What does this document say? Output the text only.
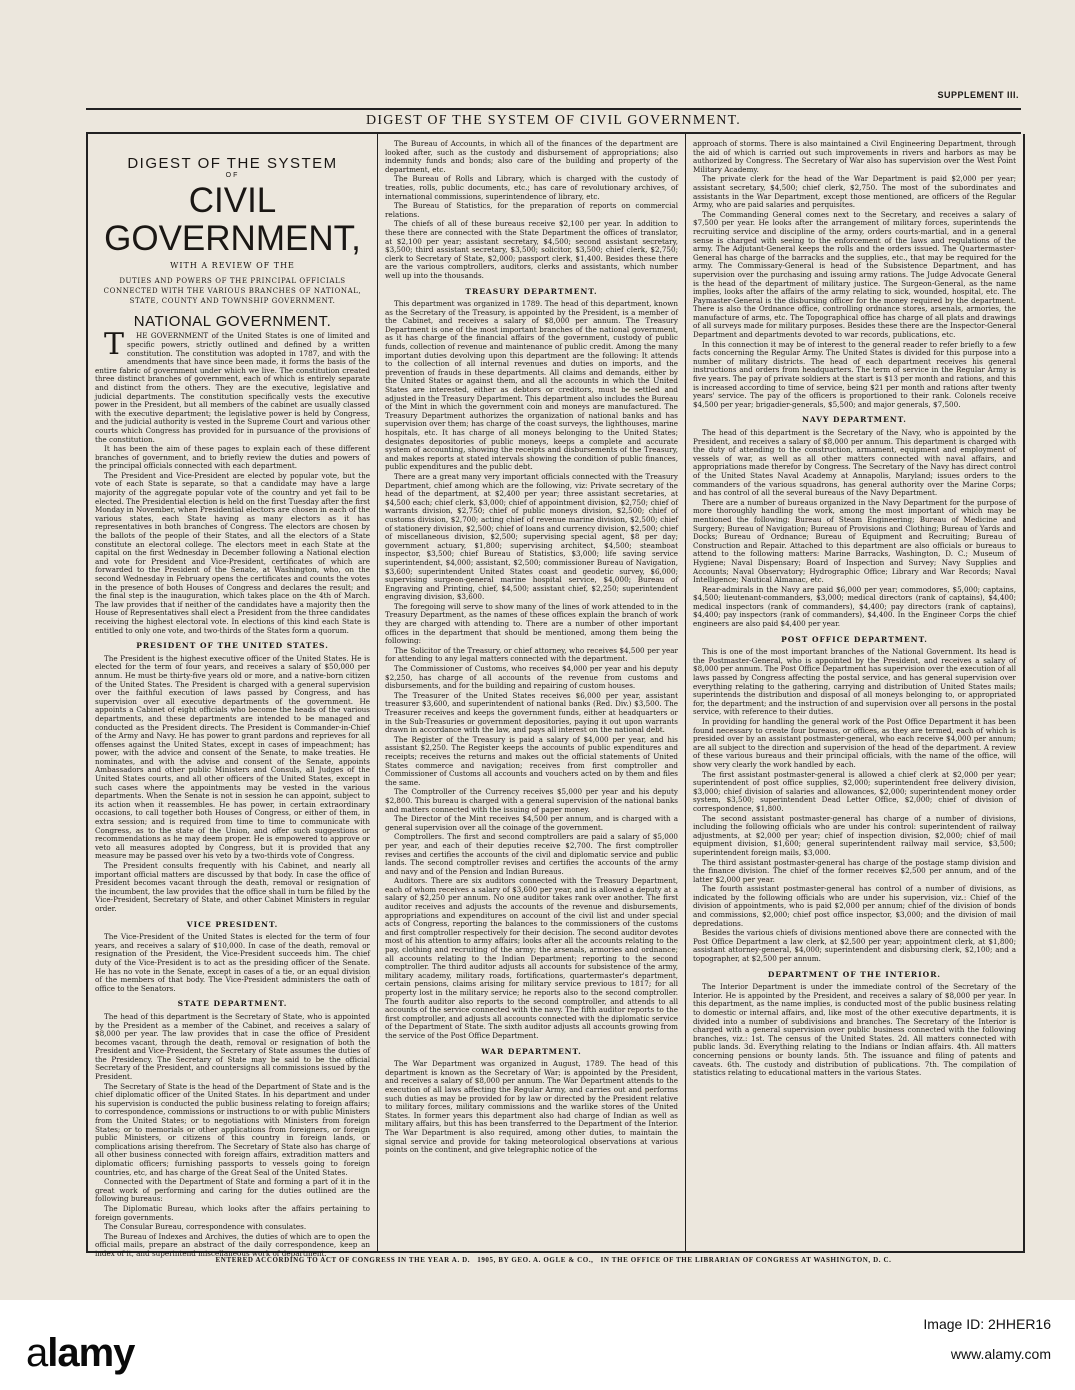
SUPPLEMENT III.
DIGEST OF THE SYSTEM OF CIVIL GOVERNMENT.
DIGEST OF THE SYSTEM
OF
CIVIL GOVERNMENT,
WITH A REVIEW OF THE
DUTIES AND POWERS OF THE PRINCIPAL OFFICIALS CONNECTED WITH THE VARIOUS BRANCHES OF NATIONAL, STATE, COUNTY AND TOWNSHIP GOVERNMENT.
NATIONAL GOVERNMENT.

THE GOVERNMENT of the United States is one of limited and specific powers, strictly outlined and defined by a written constitution. The constitution was adopted in 1787, and with the amendments that have since been made, it forms the basis of the entire fabric of government under which we live. The constitution created three distinct branches of government, each of which is entirely separate and distinct from the others. They are the executive, legislative and judicial departments. The constitution specifically vests the executive power in the President, but all members of the cabinet are usually classed with the executive department; the legislative power is held by Congress, and the judicial authority is vested in the Supreme Court and various other courts which Congress has provided for in pursuance of the provisions of the constitution.

It has been the aim of these pages to explain each of these different branches of government, and to briefly review the duties and powers of the principal officials connected with each department.

The President and Vice-President are elected by popular vote, but the vote of each State is separate, so that a candidate may have a large majority of the aggregate popular vote of the country and yet fail to be elected. The Presidential election is held on the first Tuesday after the first Monday in November, when Presidential electors are chosen in each of the various states, each State having as many electors as it has representatives in both branches of Congress. The electors are chosen by the ballots of the people of their States, and all the electors of a State constitute an electoral college. The electors meet in each State at the capital on the first Wednesday in December following a National election and vote for President and Vice-President, certificates of which are forwarded to the President of the Senate, at Washington, who, on the second Wednesday in February opens the certificates and counts the votes in the presence of both Houses of Congress and declares the result; and the final step is the inauguration, which takes place on the 4th of March. The law provides that if neither of the candidates have a majority then the House of Representatives shall elect a President from the three candidates receiving the highest electoral vote. In elections of this kind each State is entitled to only one vote, and two-thirds of the States form a quorum.

PRESIDENT OF THE UNITED STATES.

The President is the highest executive officer of the United States. He is elected for the term of four years, and receives a salary of $50,000 per annum. He must be thirty-five years old or more, and a native-born citizen of the United States. The President is charged with a general supervision over the faithful execution of laws passed by Congress, and has supervision over all executive departments of the government. He appoints a Cabinet of eight officials who become the heads of the various departments, and these departments are intended to be managed and conducted as the President directs. The President is Commander-in-Chief of the Army and Navy. He has power to grant pardons and reprieves for all offenses against the United States, except in cases of impeachment; has power, with the advice and consent of the Senate, to make treaties. He nominates, and with the advise and consent of the Senate, appoints Ambassadors and other public Ministers and Consuls, all Judges of the United States courts, and all other officers of the United States, except in such cases where the appointments may be vested in the various departments. When the Senate is not in session he can appoint, subject to its action when it reassembles. He has power, in certain extraordinary occasions, to call together both Houses of Congress, or either of them, in extra session; and is required from time to time to communicate with Congress, as to the state of the Union, and offer such suggestions or recommendations as he may deem proper. He is empowered to approve or veto all measures adopted by Congress, but it is provided that any measure may be passed over his veto by a two-thirds vote of Congress.

The President consults frequently with his Cabinet, and nearly all important official matters are discussed by that body. In case the office of President becomes vacant through the death, removal or resignation of the incumbent, the law provides that the office shall in turn be filled by the Vice-President, Secretary of State, and other Cabinet Ministers in regular order.

VICE PRESIDENT.

The Vice-President of the United States is elected for the term of four years, and receives a salary of $10,000. In case of the death, removal or resignation of the President, the Vice-President succeeds him. The chief duty of the Vice-President is to act as the presiding officer of the Senate. He has no vote in the Senate, except in cases of a tie, or an equal division of the members of that body. The Vice-President administers the oath of office to the Senators.

STATE DEPARTMENT.

The head of this department is the Secretary of State, who is appointed by the President as a member of the Cabinet, and receives a salary of $8,000 per year. The law provides that in case the office of President becomes vacant, through the death, removal or resignation of both the President and Vice-President, the Secretary of State assumes the duties of the Presidency. The Secretary of State may be said to be the official Secretary of the President, and countersigns all commissions issued by the President.

The Secretary of State is the head of the Department of State and is the chief diplomatic officer of the United States. In his department and under his supervision is conducted the public business relating to foreign affairs; to correspondence, commissions or instructions to or with public Ministers from the United States; or to negotiations with Ministers from foreign States; or to memorials or other applications from foreigners, or foreign public Ministers, or citizens of this country in foreign lands, or complications arising therefrom. The Secretary of State also has charge of all other business connected with foreign affairs, extradition matters and diplomatic officers; furnishing passports to vessels going to foreign countries, etc, and has charge of the Great Seal of the United States.

Connected with the Department of State and forming a part of it in the great work of performing and caring for the duties outlined are the following bureaus:

The Diplomatic Bureau, which looks after the affairs pertaining to foreign governments.

The Consular Bureau, correspondence with consulates.

The Bureau of Indexes and Archives, the duties of which are to open the official mails, prepare an abstract of the daily correspondence, keep an index of it, and superintend miscellaneous work of department.

The Bureau of Accounts, in which all of the finances of the department are looked after, such as the custody and disbursement of appropriations; also indemnity funds and bonds; also care of the building and property of the department, etc.

The Bureau of Rolls and Library, which is charged with the custody of treaties, rolls, public documents, etc.; has care of revolutionary archives, of international commissions, superintendence of library, etc.

The Bureau of Statistics, for the preparation of reports on commercial relations.

The chiefs of all of these bureaus receive $2,100 per year. In addition to these there are connected with the State Department the offices of translator, at $2,100 per year; assistant secretary, $4,500; second assistant secretary, $3,500; third assistant secretary, $3,500; solicitor, $3,500; chief clerk, $2,750; clerk to Secretary of State, $2,000; passport clerk, $1,400. Besides these there are the various comptrollers, auditors, clerks and assistants, which number well up into the thousands.

TREASURY DEPARTMENT.

This department was organized in 1789. The head of this department, known as the Secretary of the Treasury, is appointed by the President, is a member of the Cabinet, and receives a salary of $8,000 per annum. The Treasury Department is one of the most important branches of the national government, as it has charge of the financial affairs of the government, custody of public funds, collection of revenue and maintenance of public credit. Among the many important duties devolving upon this department are the following: It attends to the collection of all internal revenues and duties on imports, and the prevention of frauds in these departments. All claims and demands, either by the United States or against them, and all the accounts in which the United States are interested, either as debtors or creditors, must be settled and adjusted in the Treasury Department. This department also includes the Bureau of the Mint in which the government coin and moneys are manufactured. The Treasury Department authorizes the organization of national banks and has supervision over them; has charge of the coast surveys, the lighthouses, marine hospitals, etc. It has charge of all moneys belonging to the United States; designates depositories of public moneys, keeps a complete and accurate system of accounting, showing the receipts and disbursements of the Treasury, and makes reports at stated intervals showing the condition of public finances, public expenditures and the public debt.

There are a great many very important officials connected with the Treasury Department, chief among which are the following, viz: Private secretary of the head of the department, at $2,400 per year; three assistant secretaries, at $4,500 each; chief clerk, $3,000; chief of appointment division, $2,750; chief of warrants division, $2,750; chief of public moneys division, $2,500; chief of customs division, $2,700; acting chief of revenue marine division, $2,500; chief of stationery division, $2,500; chief of loans and currency division, $2,500; chief of miscellaneous division, $2,500; supervising special agent, $8 per day; government actuary, $1,800; supervising architect, $4,500; steamboat inspector, $3,500; chief Bureau of Statistics, $3,000; life saving service superintendent, $4,000; assistant, $2,500; commissioner Bureau of Navigation, $3,600; superintendent United States coast and geodetic survey, $6,000; supervising surgeon-general marine hospital service, $4,000; Bureau of Engraving and Printing, chief, $4,500; assistant chief, $2,250; superintendent engraving division, $3,600.

The foregoing will serve to show many of the lines of work attended to in the Treasury Department, as the names of these offices explain the branch of work they are charged with attending to. There are a number of other important offices in the department that should be mentioned, among them being the following:

The Solicitor of the Treasury, or chief attorney, who receives $4,500 per year for attending to any legal matters connected with the department.

The Commissioner of Customs, who receives $4,000 per year and his deputy $2,250, has charge of all accounts of the revenue from customs and disbursements, and for the building and repairing of custom houses.

The Treasurer of the United States receives $6,000 per year, assistant treasurer $3,600, and superintendent of national banks (Red. Div.) $3,500. The Treasurer receives and keeps the government funds, either at headquarters or in the Sub-Treasuries or government depositories, paying it out upon warrants drawn in accordance with the law, and pays all interest on the national debt.

The Register of the Treasury is paid a salary of $4,000 per year, and his assistant $2,250. The Register keeps the accounts of public expenditures and receipts; receives the returns and makes out the official statements of United States commerce and navigation; receives from first comptroller and Commissioner of Customs all accounts and vouchers acted on by them and files the same.

The Comptroller of the Currency receives $5,000 per year and his deputy $2,800. This bureau is charged with a general supervision of the national banks and matters connected with the issuing of paper money.

The Director of the Mint receives $4,500 per annum, and is charged with a general supervision over all the coinage of the government.

Comptrollers. The first and second comptrollers are paid a salary of $5,000 per year, and each of their deputies receive $2,700. The first comptroller revises and certifies the accounts of the civil and diplomatic service and public lands. The second comptroller revises and certifies the accounts of the army and navy and of the Pension and Indian Bureaus.

Auditors. There are six auditors connected with the Treasury Department, each of whom receives a salary of $3,600 per year, and is allowed a deputy at a salary of $2,250 per annum. No one auditor takes rank over another. The first auditor receives and adjusts the accounts of the revenue and disbursements, appropriations and expenditures on account of the civil list and under special acts of Congress, reporting the balances to the commissioners of the customs and first comptroller respectively for their decision. The second auditor devotes most of his attention to army affairs; looks after all the accounts relating to the pay, clothing and recruiting of the army; the arsenals, armories and ordnance; all accounts relating to the Indian Department; reporting to the second comptroller. The third auditor adjusts all accounts for subsistence of the army, military academy, military roads, fortifications, quartermaster's department, certain pensions, claims arising for military service previous to 1817; for all property lost in the military service; he reports also to the second comptroller. The fourth auditor also reports to the second comptroller, and attends to all accounts of the service connected with the navy. The fifth auditor reports to the first comptroller, and adjusts all accounts connected with the diplomatic service of the Department of State. The sixth auditor adjusts all accounts growing from the service of the Post Office Department.

WAR DEPARTMENT.

The War Department was organized in August, 1789. The head of this department is known as the Secretary of War; is appointed by the President, and receives a salary of $8,000 per annum. The War Department attends to the execution of all laws affecting the Regular Army, and carries out and performs such duties as may be provided for by law or directed by the President relative to military forces, military commissions and the warlike stores of the United States. In former years this department also had charge of Indian as well as military affairs, but this has been transferred to the Department of the Interior. The War Department is also required, among other duties, to maintain the signal service and provide for taking meteorological observations at various points on the continent, and give telegraphic notice of the

approach of storms. There is also maintained a Civil Engineering Department, through the aid of which is carried out such improvements in rivers and harbors as may be authorized by Congress. The Secretary of War also has supervision over the West Point Military Academy.

The private clerk for the head of the War Department is paid $2,000 per year; assistant secretary, $4,500; chief clerk, $2,750. The most of the subordinates and assistants in the War Department, except those mentioned, are officers of the Regular Army, who are paid salaries and perquisites.

The Commanding General comes next to the Secretary, and receives a salary of $7,500 per year. He looks after the arrangement of military forces, superintends the recruiting service and discipline of the army, orders courts-martial, and in a general sense is charged with seeing to the enforcement of the laws and regulations of the army. The Adjutant-General keeps the rolls and the orders issued. The Quartermaster-General has charge of the barracks and the supplies, etc., that may be required for the army. The Commissary-General is head of the Subsistence Department, and has supervision over the purchasing and issuing army rations. The Judge Advocate General is the head of the department of military justice. The Surgeon-General, as the name implies, looks after the affairs of the army relating to sick, wounded, hospital, etc. The Paymaster-General is the disbursing officer for the money required by the department. There is also the Ordnance office, controlling ordnance stores, arsenals, armories, the manufacture of arms, etc. The Topographical office has charge of all plats and drawings of all surveys made for military purposes. Besides these there are the Inspector-General Department and departments devoted to war records, publications, etc.

In this connection it may be of interest to the general reader to refer briefly to a few facts concerning the Regular Army. The United States is divided for this purpose into a number of military districts. The head of each department receives his general instructions and orders from headquarters. The term of service in the Regular Army is five years. The pay of private soldiers at the start is $13 per month and rations, and this is increased according to time of service, being $21 per month and rations after twenty years' service. The pay of the officers is proportioned to their rank. Colonels receive $4,500 per year; brigadier-generals, $5,500; and major generals, $7,500.

NAVY DEPARTMENT.

The head of this department is the Secretary of the Navy, who is appointed by the President, and receives a salary of $8,000 per annum. This department is charged with the duty of attending to the construction, armament, equipment and employment of vessels of war, as well as all other matters connected with naval affairs, and appropriations made therefor by Congress. The Secretary of the Navy has direct control of the United States Naval Academy at Annapolis, Maryland; issues orders to the commanders of the various squadrons, has general authority over the Marine Corps; and has control of all the several bureaus of the Navy Department.

There are a number of bureaus organized in the Navy Department for the purpose of more thoroughly handling the work, among the most important of which may be mentioned the following: Bureau of Steam Engineering; Bureau of Medicine and Surgery; Bureau of Navigation; Bureau of Provisions and Clothing; Bureau of Yards and Docks; Bureau of Ordnance; Bureau of Equipment and Recruiting; Bureau of Construction and Repair. Attached to this department are also officials or bureaus to attend to the following matters: Marine Barracks, Washington, D. C.; Museum of Hygiene; Naval Dispensary; Board of Inspection and Survey; Navy Supplies and Accounts; Naval Observatory; Hydrographic Office; Library and War Records; Naval Intelligence; Nautical Almanac, etc.

Rear-admirals in the Navy are paid $6,000 per year; commodores, $5,000; captains, $4,500; lieutenant-commanders, $3,000; medical directors (rank of captains), $4,400; medical inspectors (rank of commanders), $4,400; pay directors (rank of captains), $4,400; pay inspectors (rank of commanders), $4,400. In the Engineer Corps the chief engineers are also paid $4,400 per year.

POST OFFICE DEPARTMENT.

This is one of the most important branches of the National Government. Its head is the Postmaster-General, who is appointed by the President, and receives a salary of $8,000 per annum. The Post Office Department has supervision over the execution of all laws passed by Congress affecting the postal service, and has general supervision over everything relating to the gathering, carrying and distribution of United States mails; superintends the distribution and disposal of all moneys belonging to, or appropriated for, the department; and the instruction of and supervision over all persons in the postal service, with reference to their duties.

In providing for handling the general work of the Post Office Department it has been found necessary to create four bureaus, or offices, as they are termed, each of which is presided over by an assistant postmaster-general, who each receive $4,000 per annum; are all subject to the direction and supervision of the head of the department. A review of these various bureaus and their principal officials, with the name of the office, will show very clearly the work handled by each.

The first assistant postmaster-general is allowed a chief clerk at $2,000 per year; superintendent of post office supplies, $2,000; superintendent free delivery division, $3,000; chief division of salaries and allowances, $2,000; superintendent money order system, $3,500; superintendent Dead Letter Office, $2,000; chief of division of correspondence, $1,800.

The second assistant postmaster-general has charge of a number of divisions, including the following officials who are under his control: superintendent of railway adjustments, at $2,000 per year; chief of inspection division, $2,000; chief of mail equipment division, $1,600; general superintendent railway mail service, $3,500; superintendent foreign mails, $3,000.

The third assistant postmaster-general has charge of the postage stamp division and the finance division. The chief of the former receives $2,500 per annum, and of the latter $2,000 per year.

The fourth assistant postmaster-general has control of a number of divisions, as indicated by the following officials who are under his supervision, viz.: Chief of the division of appointments, who is paid $2,000 per annum; chief of the division of bonds and commissions, $2,000; chief post office inspector, $3,000; and the division of mail depredations.

Besides the various chiefs of divisions mentioned above there are connected with the Post Office Department a law clerk, at $2,500 per year; appointment clerk, at $1,800; assistant attorney-general, $4,000; superintendent and disbursing clerk, $2,100; and a topographer, at $2,500 per annum.

DEPARTMENT OF THE INTERIOR.

The Interior Department is under the immediate control of the Secretary of the Interior. He is appointed by the President, and receives a salary of $8,000 per year. In this department, as the name implies, is conducted most of the public business relating to domestic or internal affairs, and, like most of the other executive departments, it is divided into a number of subdivisions and branches. The Secretary of the Interior is charged with a general supervision over public business connected with the following branches, viz.: 1st. The census of the United States. 2d. All matters connected with public lands. 3d. Everything relating to the Indians or Indian affairs. 4th. All matters concerning pensions or bounty lands. 5th. The issuance and filing of patents and caveats. 6th. The custody and distribution of publications. 7th. The compilation of statistics relating to educational matters in the various States.

ENTERED ACCORDING TO ACT OF CONGRESS IN THE YEAR A. D. 1905, BY GEO. A. OGLE & CO., IN THE OFFICE OF THE LIBRARIAN OF CONGRESS AT WASHINGTON, D. C.
alamy
Image ID: 2HHER16
www.alamy.com
